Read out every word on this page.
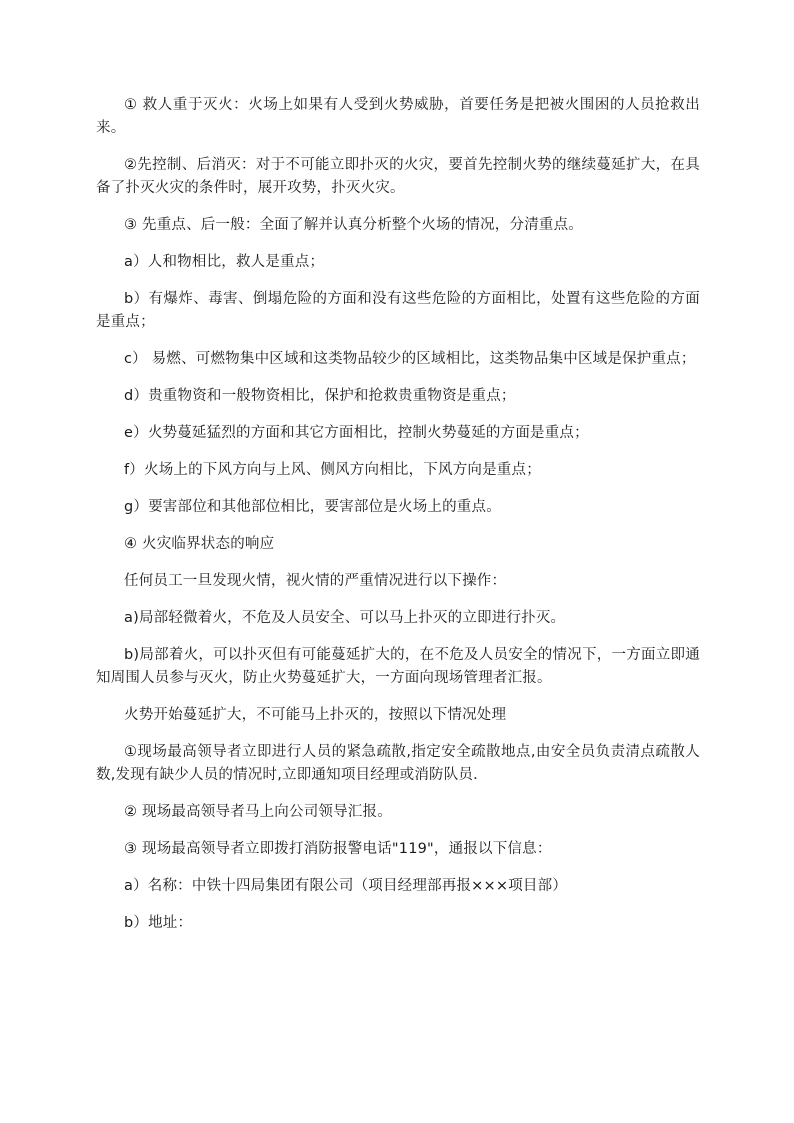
① 救人重于灭火：火场上如果有人受到火势威胁，首要任务是把被火围困的人员抢救出来。

②先控制、后消灭：对于不可能立即扑灭的火灾，要首先控制火势的继续蔓延扩大，在具备了扑灭火灾的条件时，展开攻势，扑灭火灾。

③ 先重点、后一般：全面了解并认真分析整个火场的情况，分清重点。

a）人和物相比，救人是重点；

b）有爆炸、毒害、倒塌危险的方面和没有这些危险的方面相比，处置有这些危险的方面是重点；

c） 易燃、可燃物集中区域和这类物品较少的区域相比，这类物品集中区域是保护重点；

d）贵重物资和一般物资相比，保护和抢救贵重物资是重点；

e）火势蔓延猛烈的方面和其它方面相比，控制火势蔓延的方面是重点；

f）火场上的下风方向与上风、侧风方向相比，下风方向是重点；

g）要害部位和其他部位相比，要害部位是火场上的重点。

④ 火灾临界状态的响应

任何员工一旦发现火情，视火情的严重情况进行以下操作：

a)局部轻微着火，不危及人员安全、可以马上扑灭的立即进行扑灭。

b)局部着火，可以扑灭但有可能蔓延扩大的，在不危及人员安全的情况下，一方面立即通知周围人员参与灭火，防止火势蔓延扩大，一方面向现场管理者汇报。

火势开始蔓延扩大，不可能马上扑灭的，按照以下情况处理

①现场最高领导者立即进行人员的紧急疏散,指定安全疏散地点,由安全员负责清点疏散人数,发现有缺少人员的情况时,立即通知项目经理或消防队员.

② 现场最高领导者马上向公司领导汇报。

③ 现场最高领导者立即拨打消防报警电话"119"，通报以下信息：

a）名称：中铁十四局集团有限公司（项目经理部再报×××项目部）

b）地址：
